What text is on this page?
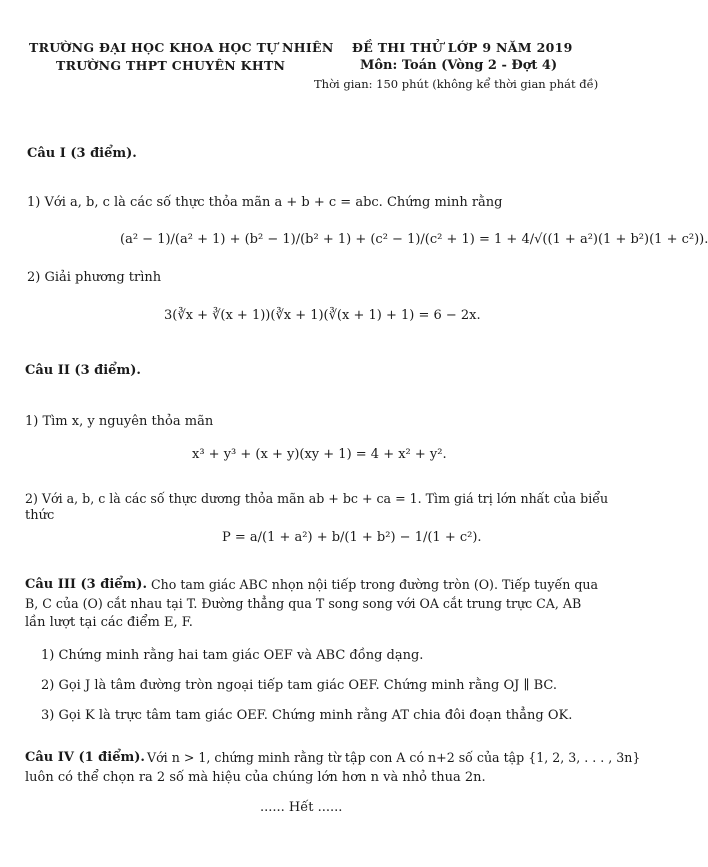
TRƯỜNG ĐẠI HỌC KHOA HỌC TỰ NHIÊN
TRƯỜNG THPT CHUYÊN KHTN
ĐỀ THI THỬ LỚP 9 NĂM 2019
Môn: Toán (Vòng 2 - Đợt 4)
Thời gian: 150 phút (không kể thời gian phát đề)
Câu I (3 điểm).
1) Với a, b, c là các số thực thỏa mãn a + b + c = abc. Chứng minh rằng
(a² − 1)/(a² + 1) + (b² − 1)/(b² + 1) + (c² − 1)/(c² + 1) = 1 + 4/√((1 + a²)(1 + b²)(1 + c²)).
2) Giải phương trình
3(∛x + ∛(x + 1))(∛x + 1)(∛(x + 1) + 1) = 6 − 2x.
Câu II (3 điểm).
1) Tìm x, y nguyên thỏa mãn
x³ + y³ + (x + y)(xy + 1) = 4 + x² + y².
2) Với a, b, c là các số thực dương thỏa mãn ab + bc + ca = 1. Tìm giá trị lớn nhất của biểu
thức
P = a/(1 + a²) + b/(1 + b²) − 1/(1 + c²).
Câu III (3 điểm). Cho tam giác ABC nhọn nội tiếp trong đường tròn (O). Tiếp tuyến qua
B, C của (O) cắt nhau tại T. Đường thẳng qua T song song với OA cắt trung trực CA, AB
lần lượt tại các điểm E, F.
1) Chứng minh rằng hai tam giác OEF và ABC đồng dạng.
2) Gọi J là tâm đường tròn ngoại tiếp tam giác OEF. Chứng minh rằng OJ ∥ BC.
3) Gọi K là trực tâm tam giác OEF. Chứng minh rằng AT chia đôi đoạn thẳng OK.
Câu IV (1 điểm). Với n > 1, chứng minh rằng từ tập con A có n+2 số của tập {1, 2, 3, . . . , 3n}
luôn có thể chọn ra 2 số mà hiệu của chúng lớn hơn n và nhỏ thua 2n.
...... Hết ......
